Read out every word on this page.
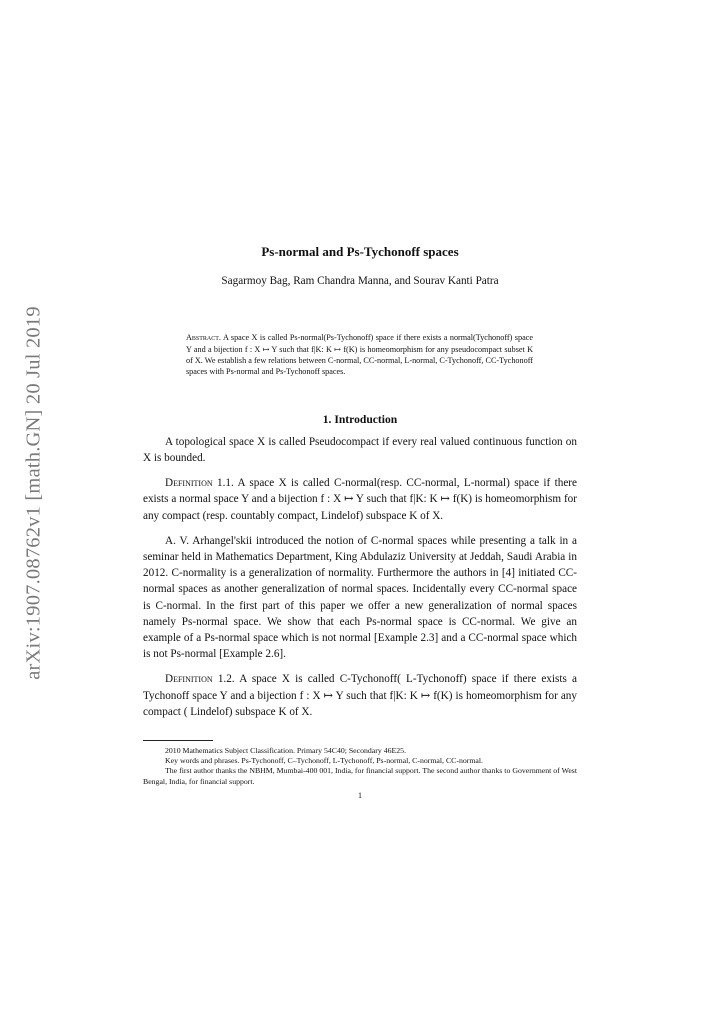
arXiv:1907.08762v1 [math.GN] 20 Jul 2019
Ps-normal and Ps-Tychonoff spaces
Sagarmoy Bag, Ram Chandra Manna, and Sourav Kanti Patra
Abstract. A space X is called Ps-normal(Ps-Tychonoff) space if there exists a normal(Tychonoff) space Y and a bijection f : X ↦ Y such that f|K: K ↦ f(K) is homeomorphism for any pseudocompact subset K of X. We establish a few relations between C-normal, CC-normal, L-normal, C-Tychonoff, CC-Tychonoff spaces with Ps-normal and Ps-Tychonoff spaces.
1. Introduction

A topological space X is called Pseudocompact if every real valued continuous function on X is bounded.

Definition 1.1. A space X is called C-normal(resp. CC-normal, L-normal) space if there exists a normal space Y and a bijection f : X ↦ Y such that f|K: K ↦ f(K) is homeomorphism for any compact (resp. countably compact, Lindelof) subspace K of X.

A. V. Arhangel'skii introduced the notion of C-normal spaces while presenting a talk in a seminar held in Mathematics Department, King Abdulaziz University at Jeddah, Saudi Arabia in 2012. C-normality is a generalization of normality. Furthermore the authors in [4] initiated CC-normal spaces as another generalization of normal spaces. Incidentally every CC-normal space is C-normal. In the first part of this paper we offer a new generalization of normal spaces namely Ps-normal space. We show that each Ps-normal space is CC-normal. We give an example of a Ps-normal space which is not normal [Example 2.3] and a CC-normal space which is not Ps-normal [Example 2.6].

Definition 1.2. A space X is called C-Tychonoff( L-Tychonoff) space if there exists a Tychonoff space Y and a bijection f : X ↦ Y such that f|K: K ↦ f(K) is homeomorphism for any compact ( Lindelof) subspace K of X.

2010 Mathematics Subject Classification. Primary 54C40; Secondary 46E25.

Key words and phrases. Ps-Tychonoff, C–Tychonoff, L-Tychonoff, Ps-normal, C-normal, CC-normal.

The first author thanks the NBHM, Mumbai-400 001, India, for financial support. The second author thanks to Government of West Bengal, India, for financial support.

1
